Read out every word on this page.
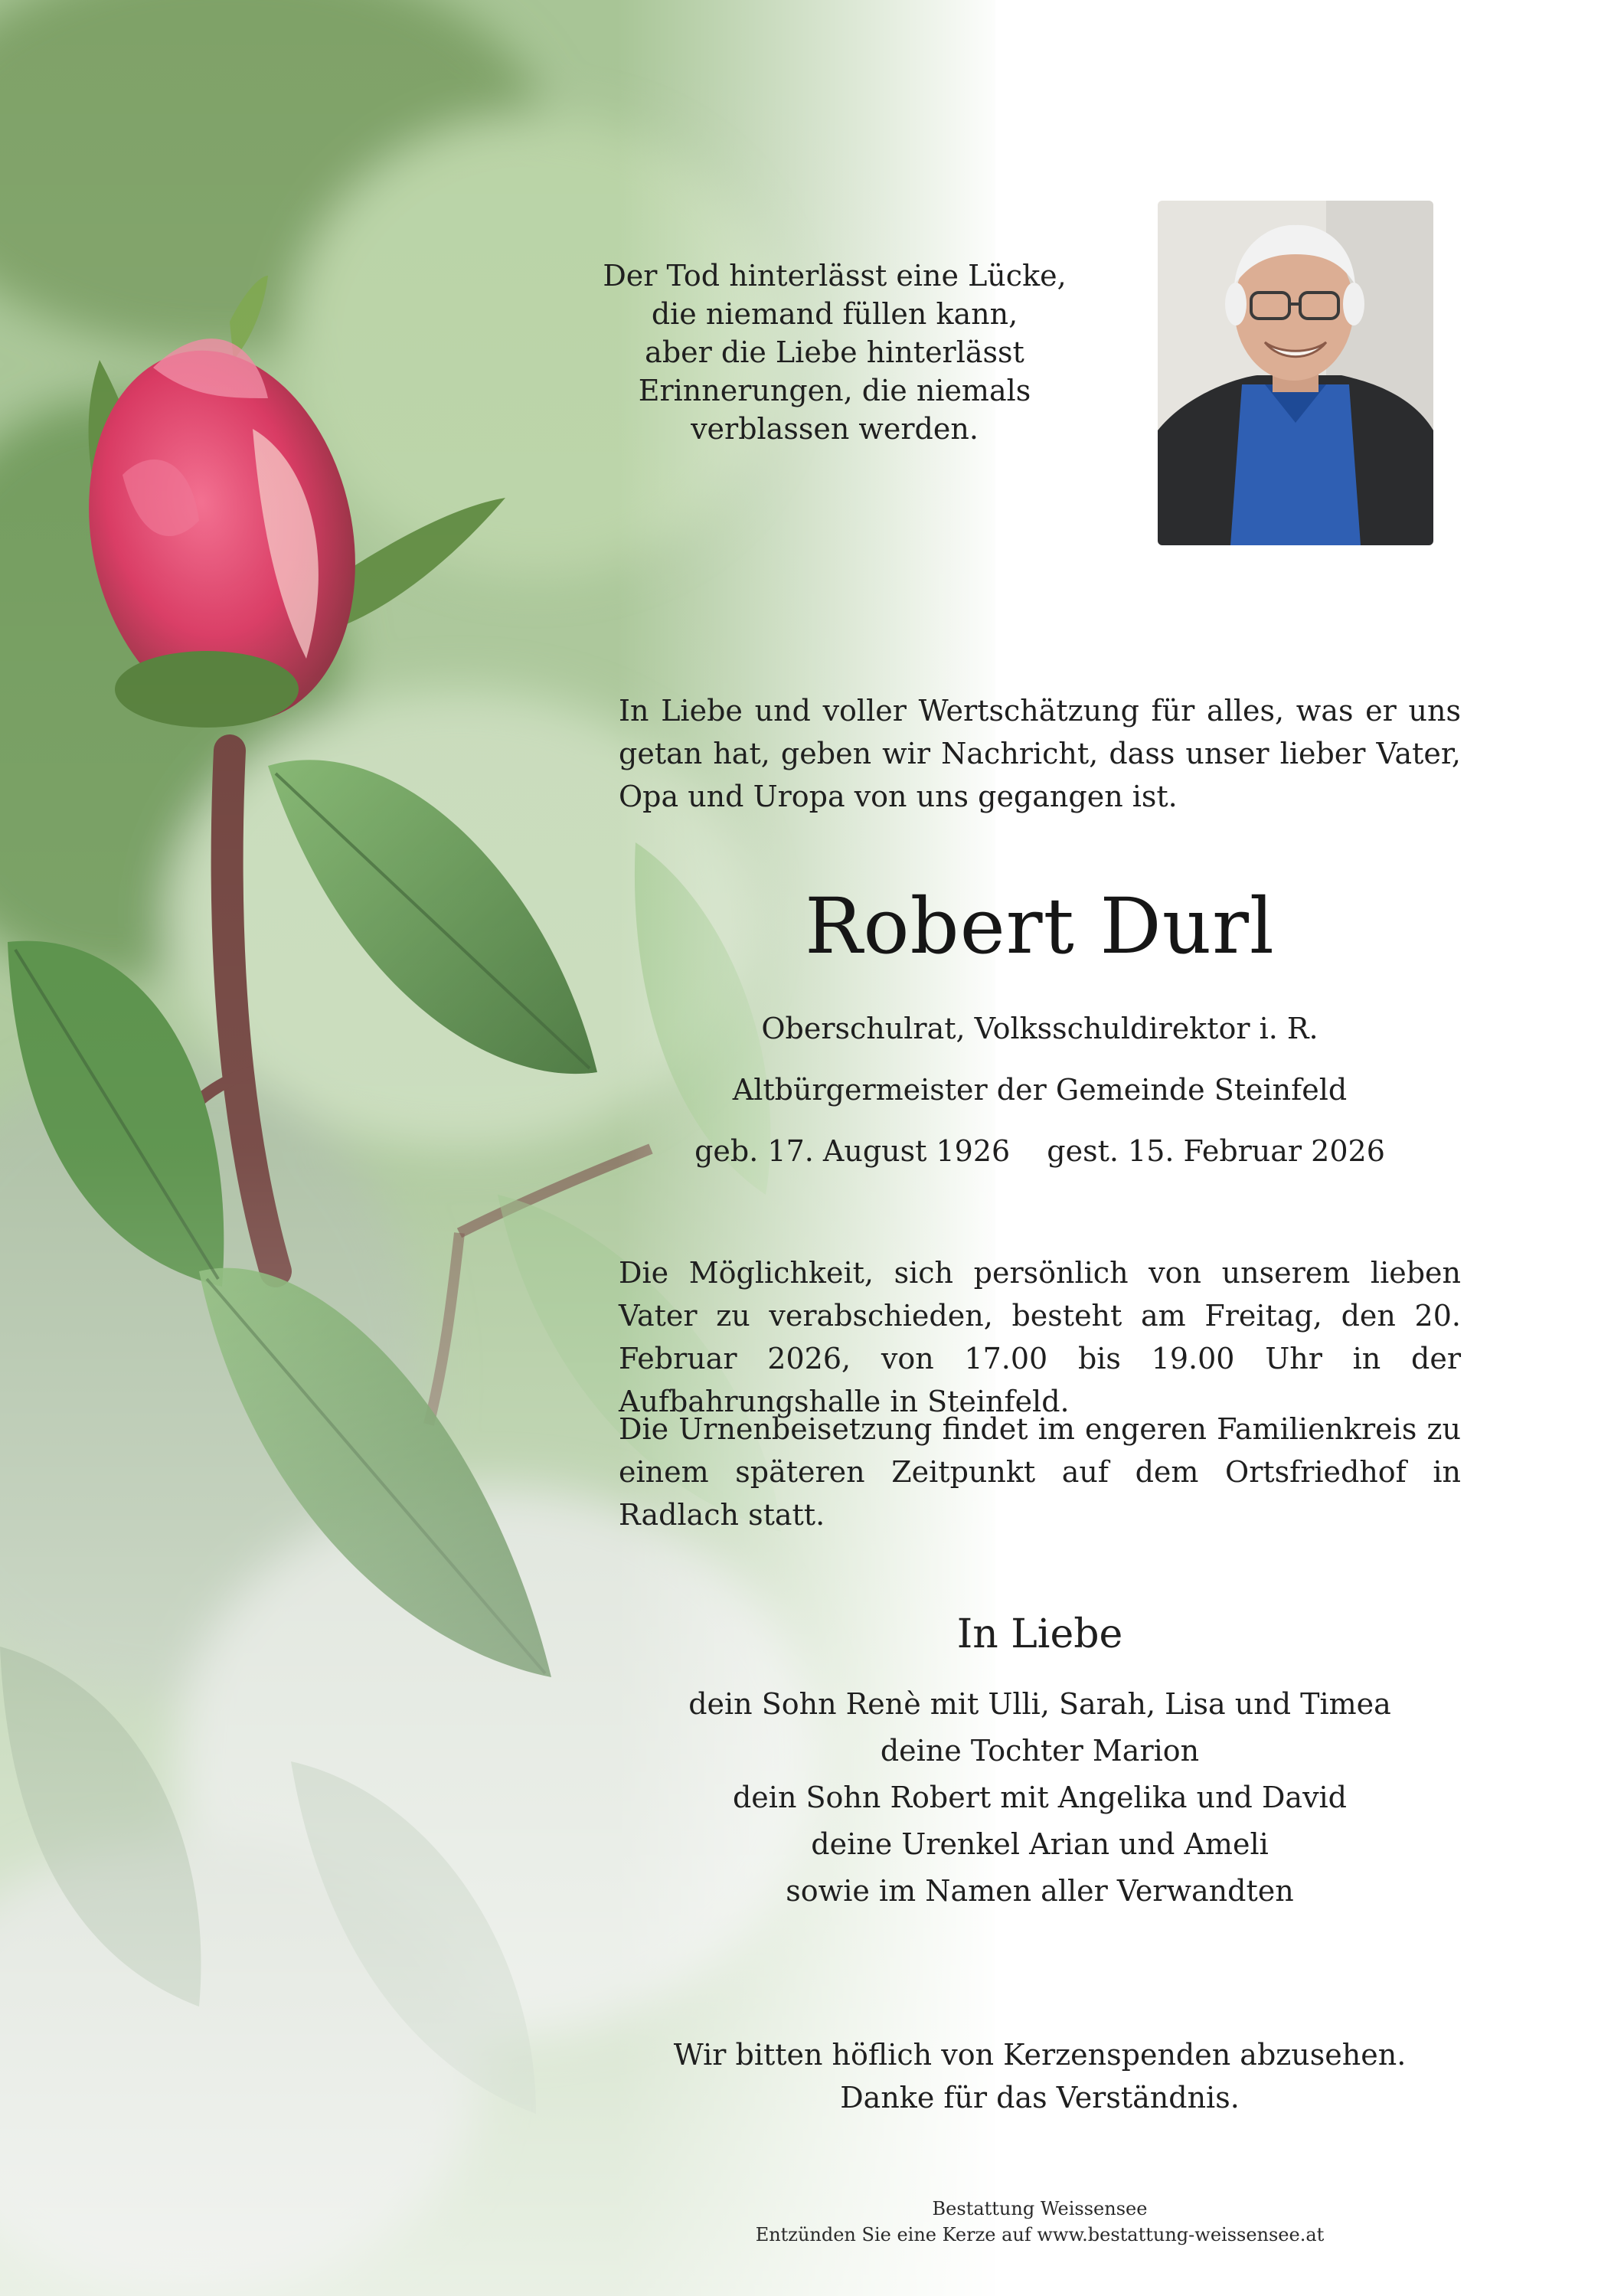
Der Tod hinterlässt eine Lücke,
die niemand füllen kann,
aber die Liebe hinterlässt
Erinnerungen, die niemals
verblassen werden.

In Liebe und voller Wertschätzung für alles, was er uns getan hat, geben wir Nachricht, dass unser lieber Vater, Opa und Uropa von uns gegangen ist.

Robert Durl
Oberschulrat, Volksschuldirektor i. R.
Altbürgermeister der Gemeinde Steinfeld
geb. 17. August 1926 gest. 15. Februar 2026

Die Möglichkeit, sich persönlich von unserem lieben Vater zu verabschieden, besteht am Freitag, den 20. Februar 2026, von 17.00 bis 19.00 Uhr in der Aufbahrungshalle in Steinfeld.

Die Urnenbeisetzung findet im engeren Familienkreis zu einem späteren Zeitpunkt auf dem Ortsfriedhof in Radlach statt.

In Liebe
dein Sohn Renè mit Ulli, Sarah, Lisa und Timea
deine Tochter Marion
dein Sohn Robert mit Angelika und David
deine Urenkel Arian und Ameli
sowie im Namen aller Verwandten
Wir bitten höflich von Kerzenspenden abzusehen.
Danke für das Verständnis.
Bestattung Weissensee
Entzünden Sie eine Kerze auf www.bestattung-weissensee.at
